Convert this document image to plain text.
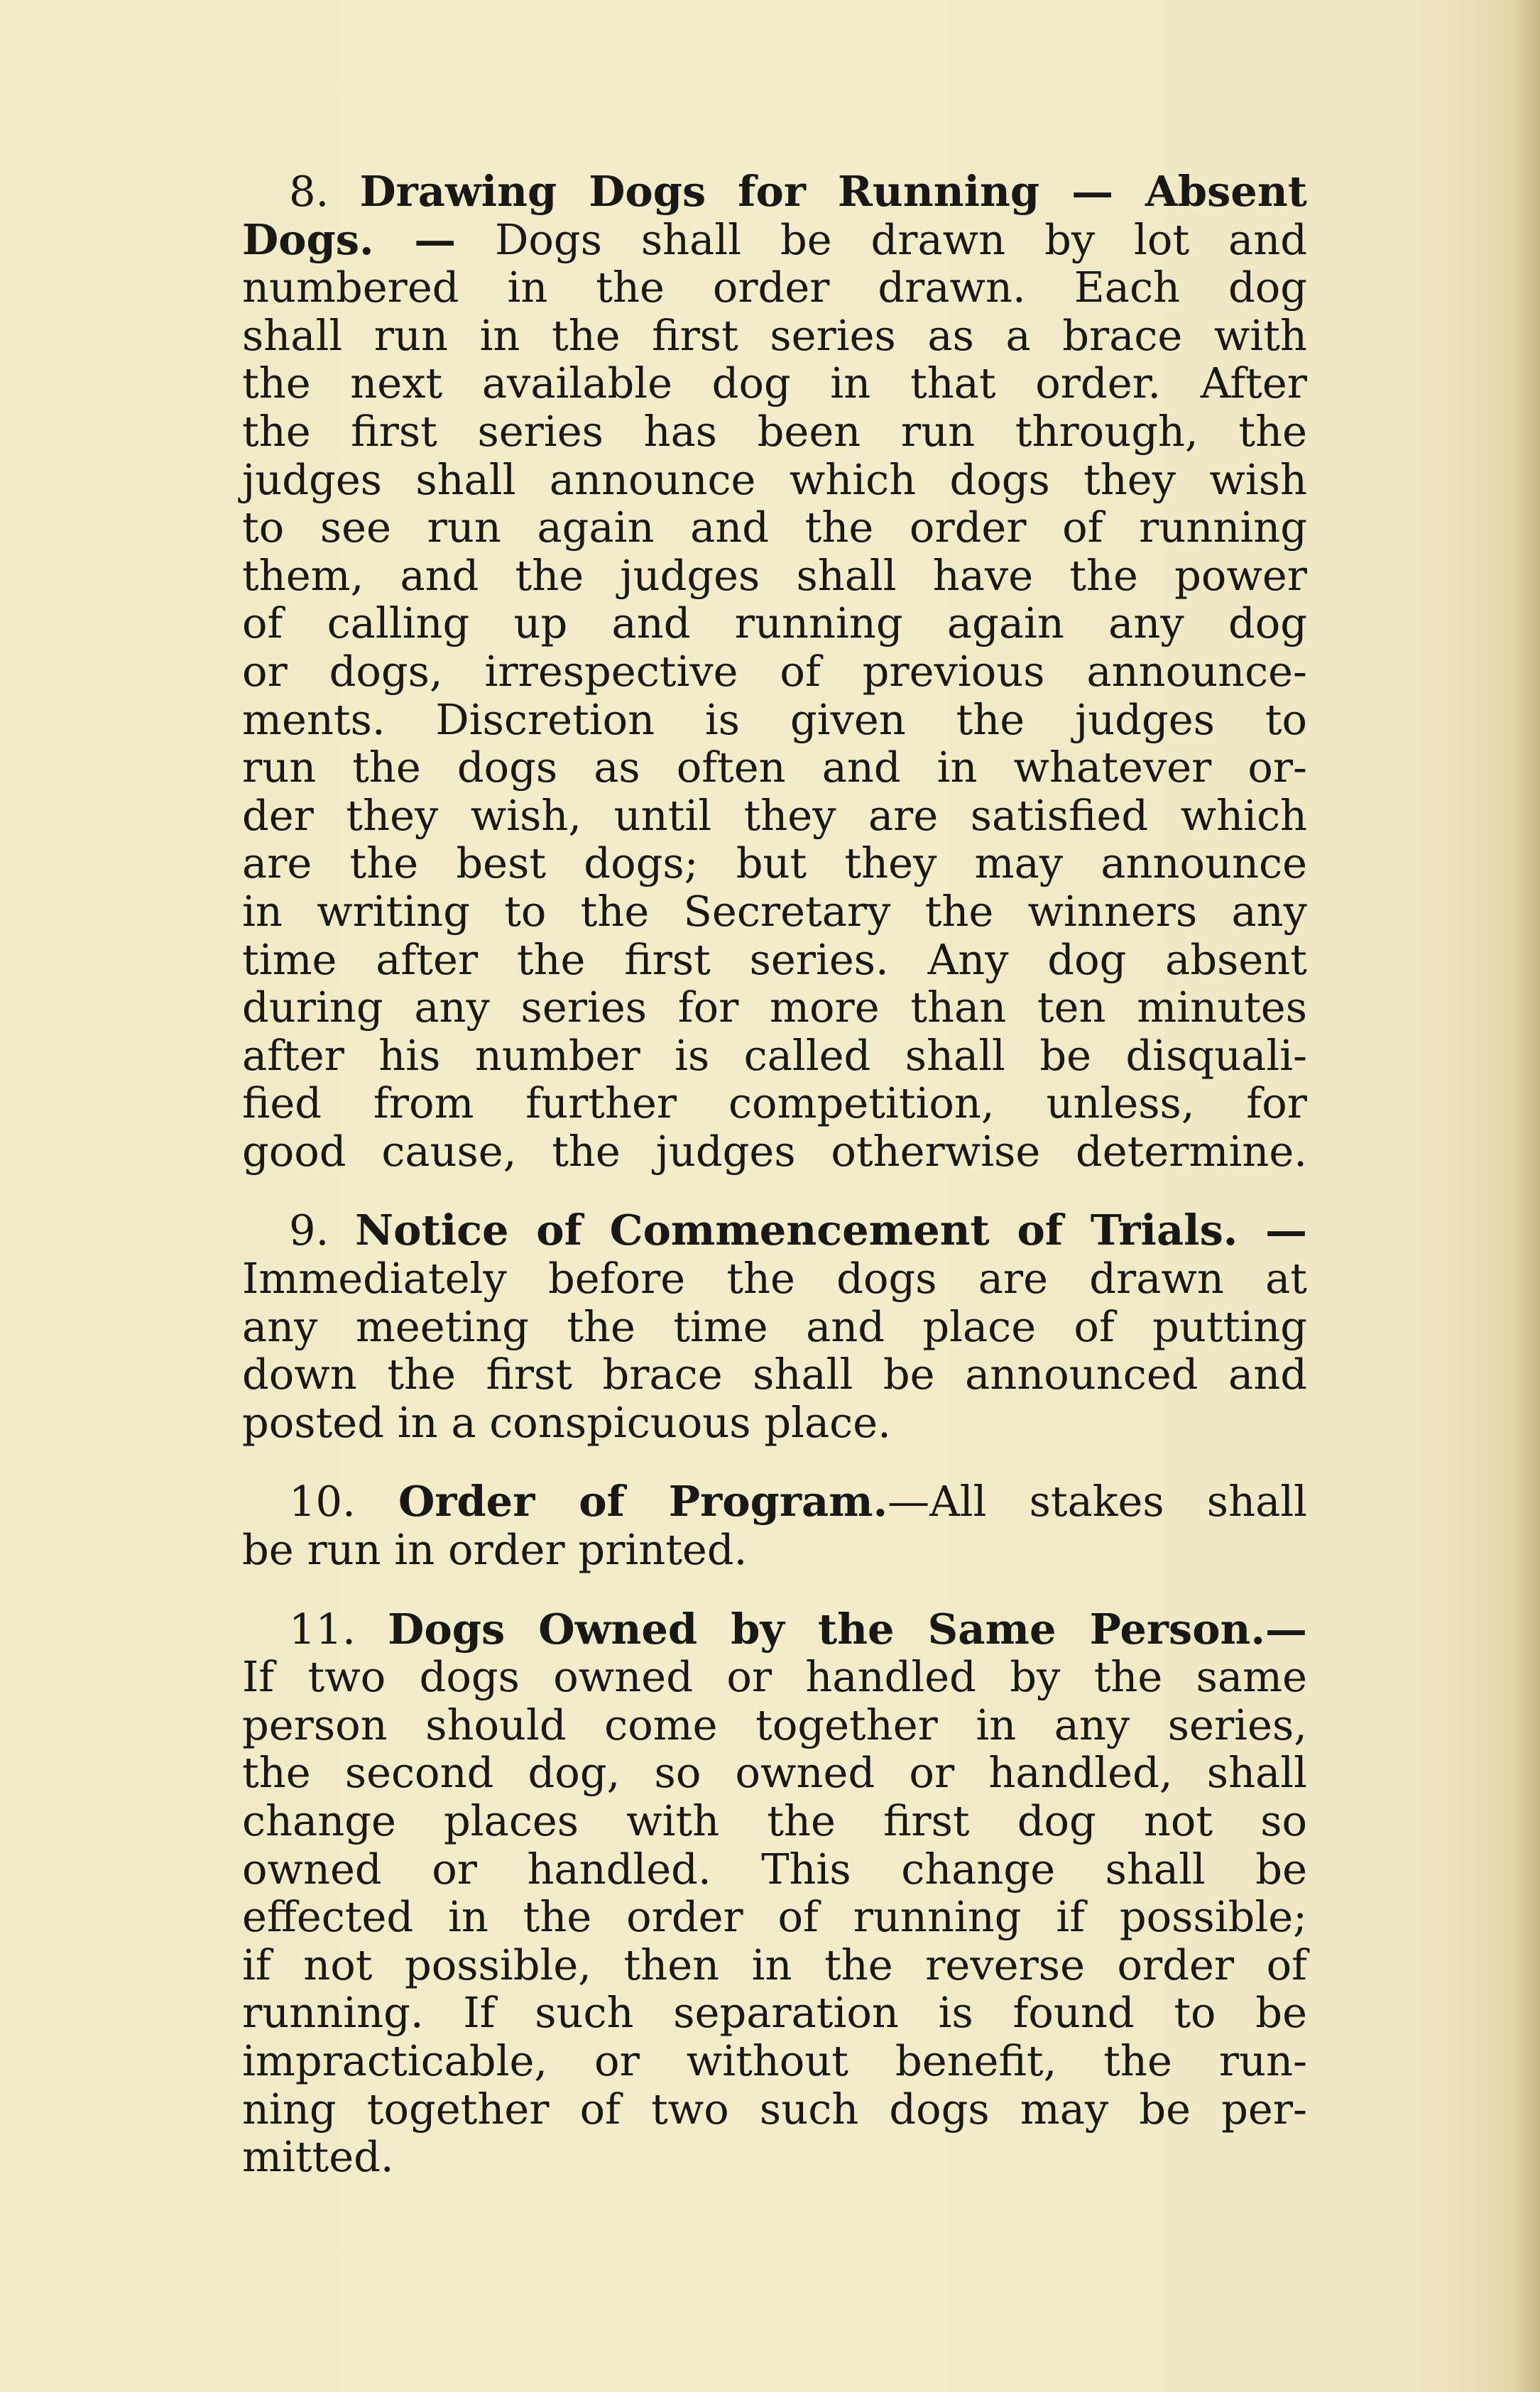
8. Drawing Dogs for Running — Absent
Dogs. — Dogs shall be drawn by lot and
numbered in the order drawn. Each dog
shall run in the first series as a brace with
the next available dog in that order. After
the first series has been run through, the
judges shall announce which dogs they wish
to see run again and the order of running
them, and the judges shall have the power
of calling up and running again any dog
or dogs, irrespective of previous announce-
ments. Discretion is given the judges to
run the dogs as often and in whatever or-
der they wish, until they are satisfied which
are the best dogs; but they may announce
in writing to the Secretary the winners any
time after the first series. Any dog absent
during any series for more than ten minutes
after his number is called shall be disquali-
fied from further competition, unless, for
good cause, the judges otherwise determine.
9. Notice of Commencement of Trials. —
Immediately before the dogs are drawn at
any meeting the time and place of putting
down the first brace shall be announced and
posted in a conspicuous place.
10. Order of Program.—All stakes shall
be run in order printed.
11. Dogs Owned by the Same Person.—
If two dogs owned or handled by the same
person should come together in any series,
the second dog, so owned or handled, shall
change places with the first dog not so
owned or handled. This change shall be
effected in the order of running if possible;
if not possible, then in the reverse order of
running. If such separation is found to be
impracticable, or without benefit, the run-
ning together of two such dogs may be per-
mitted.
